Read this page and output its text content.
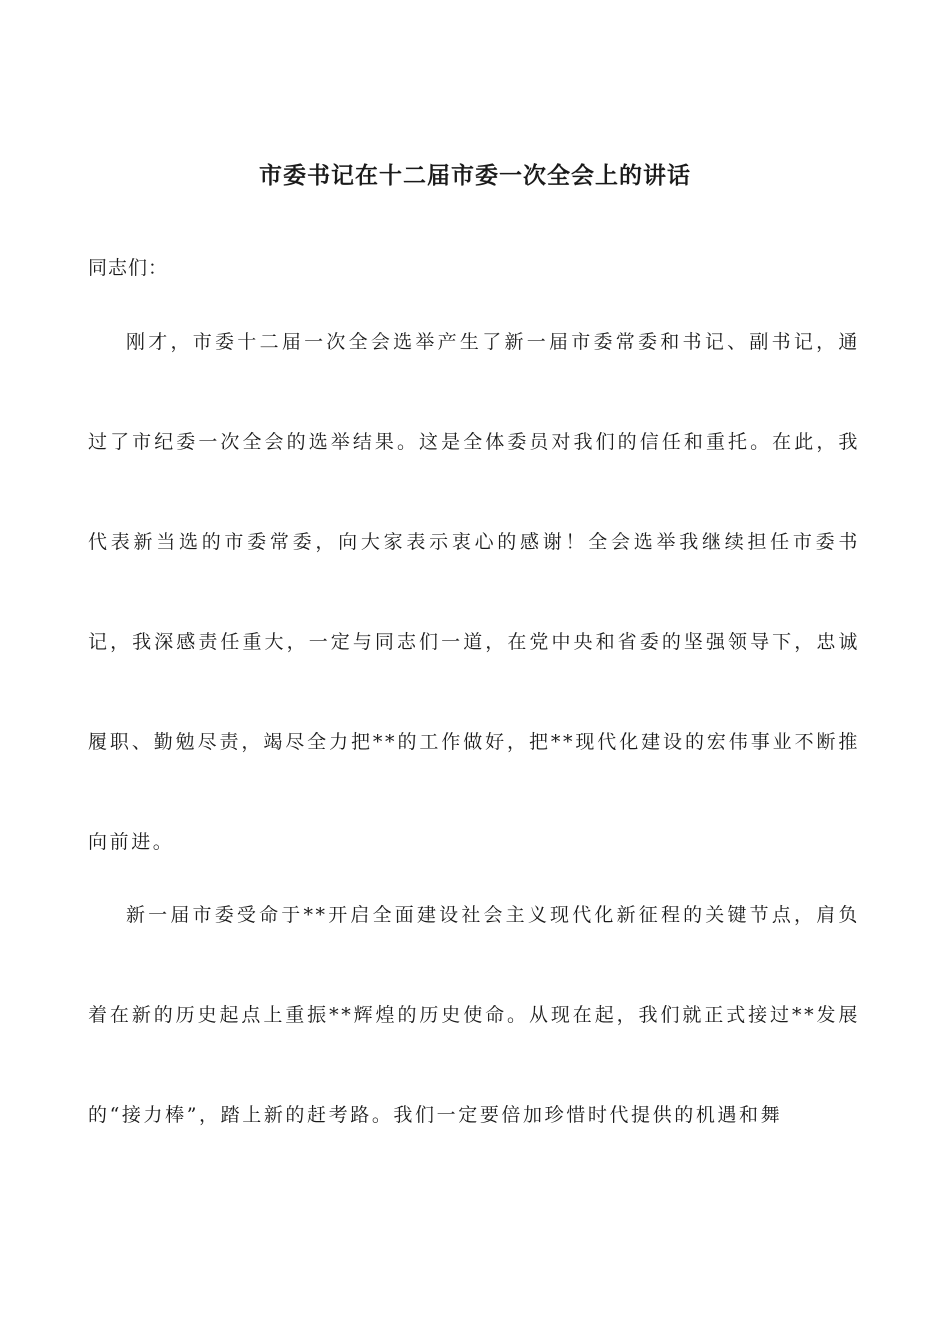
市委书记在十二届市委一次全会上的讲话

同志们：

刚才，市委十二届一次全会选举产生了新一届市委常委和书记、副书记，通过了市纪委一次全会的选举结果。这是全体委员对我们的信任和重托。在此，我代表新当选的市委常委，向大家表示衷心的感谢！全会选举我继续担任市委书记，我深感责任重大，一定与同志们一道，在党中央和省委的坚强领导下，忠诚履职、勤勉尽责，竭尽全力把**的工作做好，把**现代化建设的宏伟事业不断推向前进。

新一届市委受命于**开启全面建设社会主义现代化新征程的关键节点，肩负着在新的历史起点上重振**辉煌的历史使命。从现在起，我们就正式接过**发展的“接力棒”，踏上新的赶考路。我们一定要倍加珍惜时代提供的机遇和舞
